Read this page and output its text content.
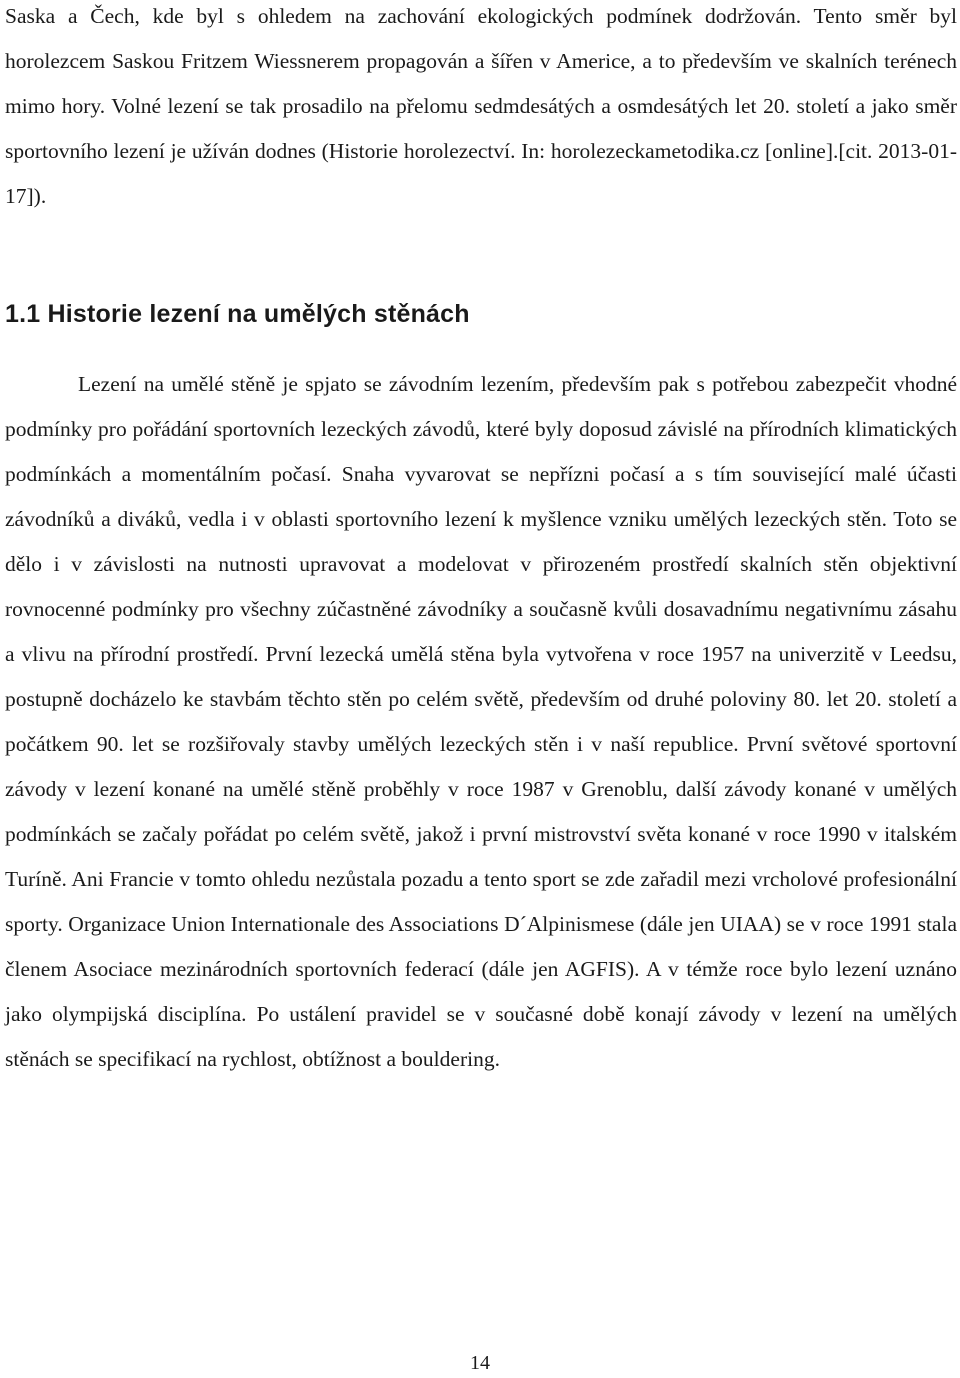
Saska a Čech, kde byl s ohledem na zachování ekologických podmínek dodržován. Tento směr byl horolezcem Saskou Fritzem Wiessnerem propagován a šířen v Americe, a to především ve skalních terénech mimo hory. Volné lezení se tak prosadilo na přelomu sedmdesátých a osmdesátých let 20. století a jako směr sportovního lezení je užíván dodnes (Historie horolezectví. In: horolezeckametodika.cz [online].[cit. 2013-01-17]).

1.1 Historie lezení na umělých stěnách

Lezení na umělé stěně je spjato se závodním lezením, především pak s potřebou zabezpečit vhodné podmínky pro pořádání sportovních lezeckých závodů, které byly doposud závislé na přírodních klimatických podmínkách a momentálním počasí. Snaha vyvarovat se nepřízni počasí a s tím související malé účasti závodníků a diváků, vedla i v oblasti sportovního lezení k myšlence vzniku umělých lezeckých stěn. Toto se dělo i v závislosti na nutnosti upravovat a modelovat v přirozeném prostředí skalních stěn objektivní rovnocenné podmínky pro všechny zúčastněné závodníky a současně kvůli dosavadnímu negativnímu zásahu a vlivu na přírodní prostředí. První lezecká umělá stěna byla vytvořena v roce 1957 na univerzitě v Leedsu, postupně docházelo ke stavbám těchto stěn po celém světě, především od druhé poloviny 80. let 20. století a počátkem 90. let se rozšiřovaly stavby umělých lezeckých stěn i v naší republice. První světové sportovní závody v lezení konané na umělé stěně proběhly v roce 1987 v Grenoblu, další závody konané v umělých podmínkách se začaly pořádat po celém světě, jakož i první mistrovství světa konané v roce 1990 v italském Turíně. Ani Francie v tomto ohledu nezůstala pozadu a tento sport se zde zařadil mezi vrcholové profesionální sporty. Organizace Union Internationale des Associations D´Alpinismese (dále jen UIAA) se v roce 1991 stala členem Asociace mezinárodních sportovních federací (dále jen AGFIS). A v témže roce bylo lezení uznáno jako olympijská disciplína. Po ustálení pravidel se v současné době konají závody v lezení na umělých stěnách se specifikací na rychlost, obtížnost a bouldering.

14
